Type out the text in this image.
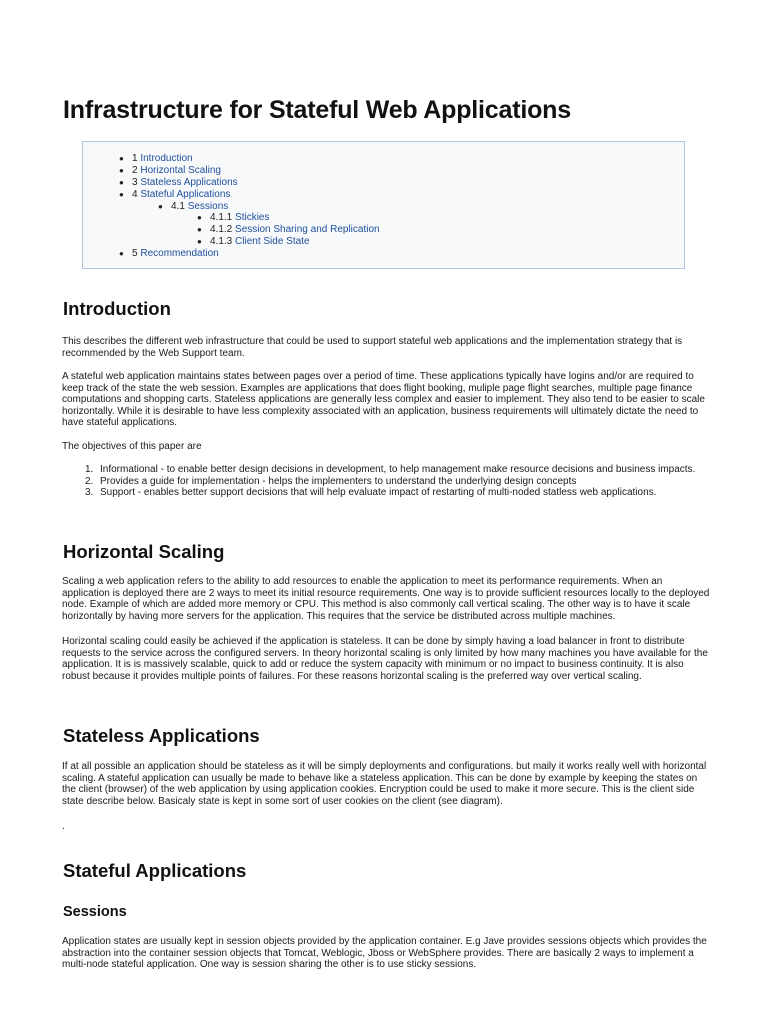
Infrastructure for Stateful Web Applications
● 1 Introduction
● 2 Horizontal Scaling
● 3 Stateless Applications
● 4 Stateful Applications
● 4.1 Sessions
● 4.1.1 Stickies
● 4.1.2 Session Sharing and Replication
● 4.1.3 Client Side State
● 5 Recommendation
Introduction

This describes the different web infrastructure that could be used to support stateful web applications and the implementation strategy that is recommended by the Web Support team.

A stateful web application maintains states between pages over a period of time. These applications typically have logins and/or are required to keep track of the state the web session. Examples are applications that does flight booking, muliple page flight searches, multiple page finance computations and shopping carts. Stateless applications are generally less complex and easier to implement. They also tend to be easier to scale horizontally. While it is desirable to have less complexity associated with an application, business requirements will ultimately dictate the need to have stateful applications.

The objectives of this paper are

1. Informational - to enable better design decisions in development, to help management make resource decisions and business impacts.
2. Provides a guide for implementation - helps the implementers to understand the underlying design concepts
3. Support - enables better support decisions that will help evaluate impact of restarting of multi-noded statless web applications.
Horizontal Scaling

Scaling a web application refers to the ability to add resources to enable the application to meet its performance requirements. When an application is deployed there are 2 ways to meet its initial resource requirements. One way is to provide sufficient resources locally to the deployed node. Example of which are added more memory or CPU. This method is also commonly call vertical scaling. The other way is to have it scale horizontally by having more servers for the application. This requires that the service be distributed across multiple machines.

Horizontal scaling could easily be achieved if the application is stateless. It can be done by simply having a load balancer in front to distribute requests to the service across the configured servers. In theory horizontal scaling is only limited by how many machines you have available for the application. It is is massively scalable, quick to add or reduce the system capacity with minimum or no impact to business continuity. It is also robust because it provides multiple points of failures. For these reasons horizontal scaling is the preferred way over vertical scaling.

Stateless Applications

If at all possible an application should be stateless as it will be simply deployments and configurations. but maily it works really well with horizontal scaling. A stateful application can usually be made to behave like a stateless application. This can be done by example by keeping the states on the client (browser) of the web application by using application cookies. Encryption could be used to make it more secure. This is the client side state describe below. Basicaly state is kept in some sort of user cookies on the client (see diagram).

.

Stateful Applications
Sessions

Application states are usually kept in session objects provided by the application container. E.g Jave provides sessions objects which provides the abstraction into the container session objects that Tomcat, Weblogic, Jboss or WebSphere provides. There are basically 2 ways to implement a multi-node stateful application. One way is session sharing the other is to use sticky sessions.
